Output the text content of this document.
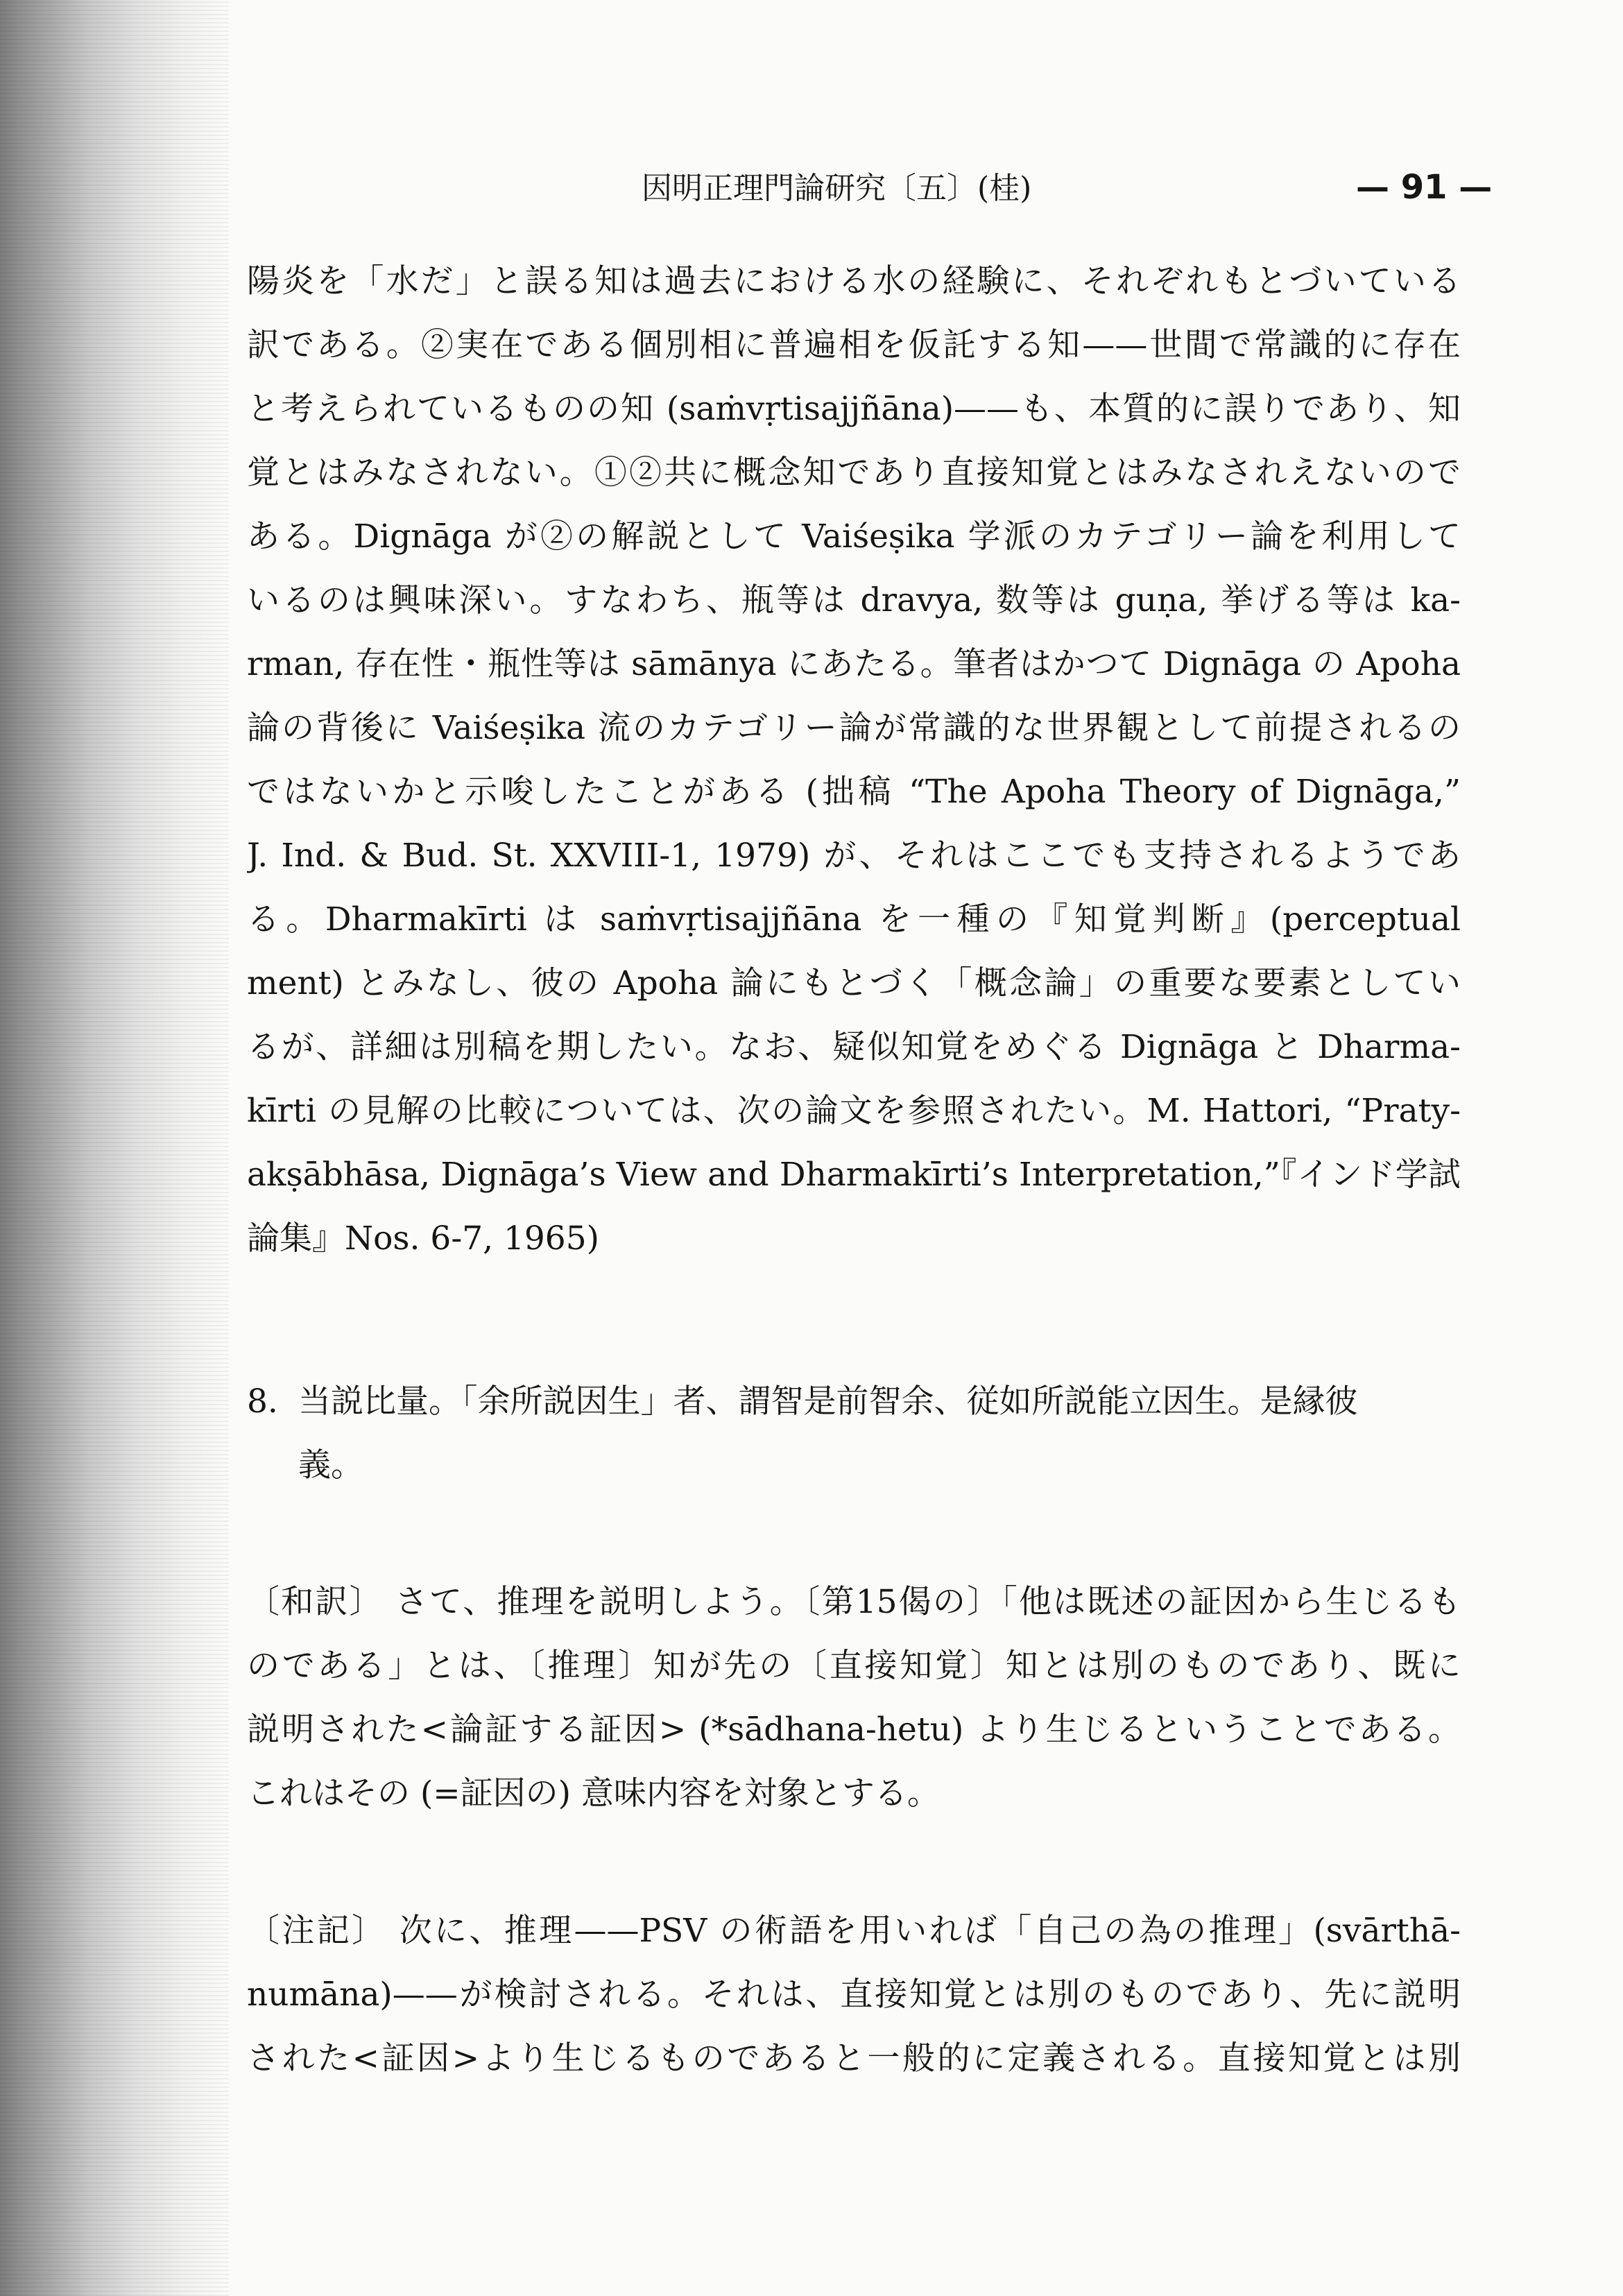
因明正理門論研究〔五〕(桂)	— 91 —
陽炎を「水だ」と誤る知は過去における水の経験に、それぞれもとづいている
訳である。②実在である個別相に普遍相を仮託する知——世間で常識的に存在
と考えられているものの知 (saṁvṛtisajjñāna)——も、本質的に誤りであり、知
覚とはみなされない。①②共に概念知であり直接知覚とはみなされえないので
ある。Dignāga が②の解説として Vaiśeṣika 学派のカテゴリー論を利用して
いるのは興味深い。すなわち、瓶等は dravya, 数等は guṇa, 挙げる等は ka-
rman, 存在性・瓶性等は sāmānya にあたる。筆者はかつて Dignāga の Apoha
論の背後に Vaiśeṣika 流のカテゴリー論が常識的な世界観として前提されるの
ではないかと示唆したことがある (拙稿 “The Apoha Theory of Dignāga,”
J. Ind. & Bud. St. XXVIII-1, 1979) が、それはここでも支持されるようであ
る。Dharmakīrti は saṁvṛtisajjñāna を一種の『知覚判断』(perceptual
ment) とみなし、彼の Apoha 論にもとづく「概念論」の重要な要素としてい
るが、詳細は別稿を期したい。なお、疑似知覚をめぐる Dignāga と Dharma-
kīrti の見解の比較については、次の論文を参照されたい。M. Hattori, “Praty-
akṣābhāsa, Dignāga’s View and Dharmakīrti’s Interpretation,”『インド学試
論集』Nos. 6-7, 1965)
8. 当説比量。「余所説因生」者、謂智是前智余、従如所説能立因生。是縁彼
義。
〔和訳〕 さて、推理を説明しよう。〔第15偈の〕「他は既述の証因から生じるも
のである」とは、〔推理〕知が先の〔直接知覚〕知とは別のものであり、既に
説明された<論証する証因> (*sādhana-hetu) より生じるということである。
これはその (=証因の) 意味内容を対象とする。
〔注記〕 次に、推理——PSV の術語を用いれば「自己の為の推理」(svārthā-
numāna)——が検討される。それは、直接知覚とは別のものであり、先に説明
された<証因>より生じるものであると一般的に定義される。直接知覚とは別
